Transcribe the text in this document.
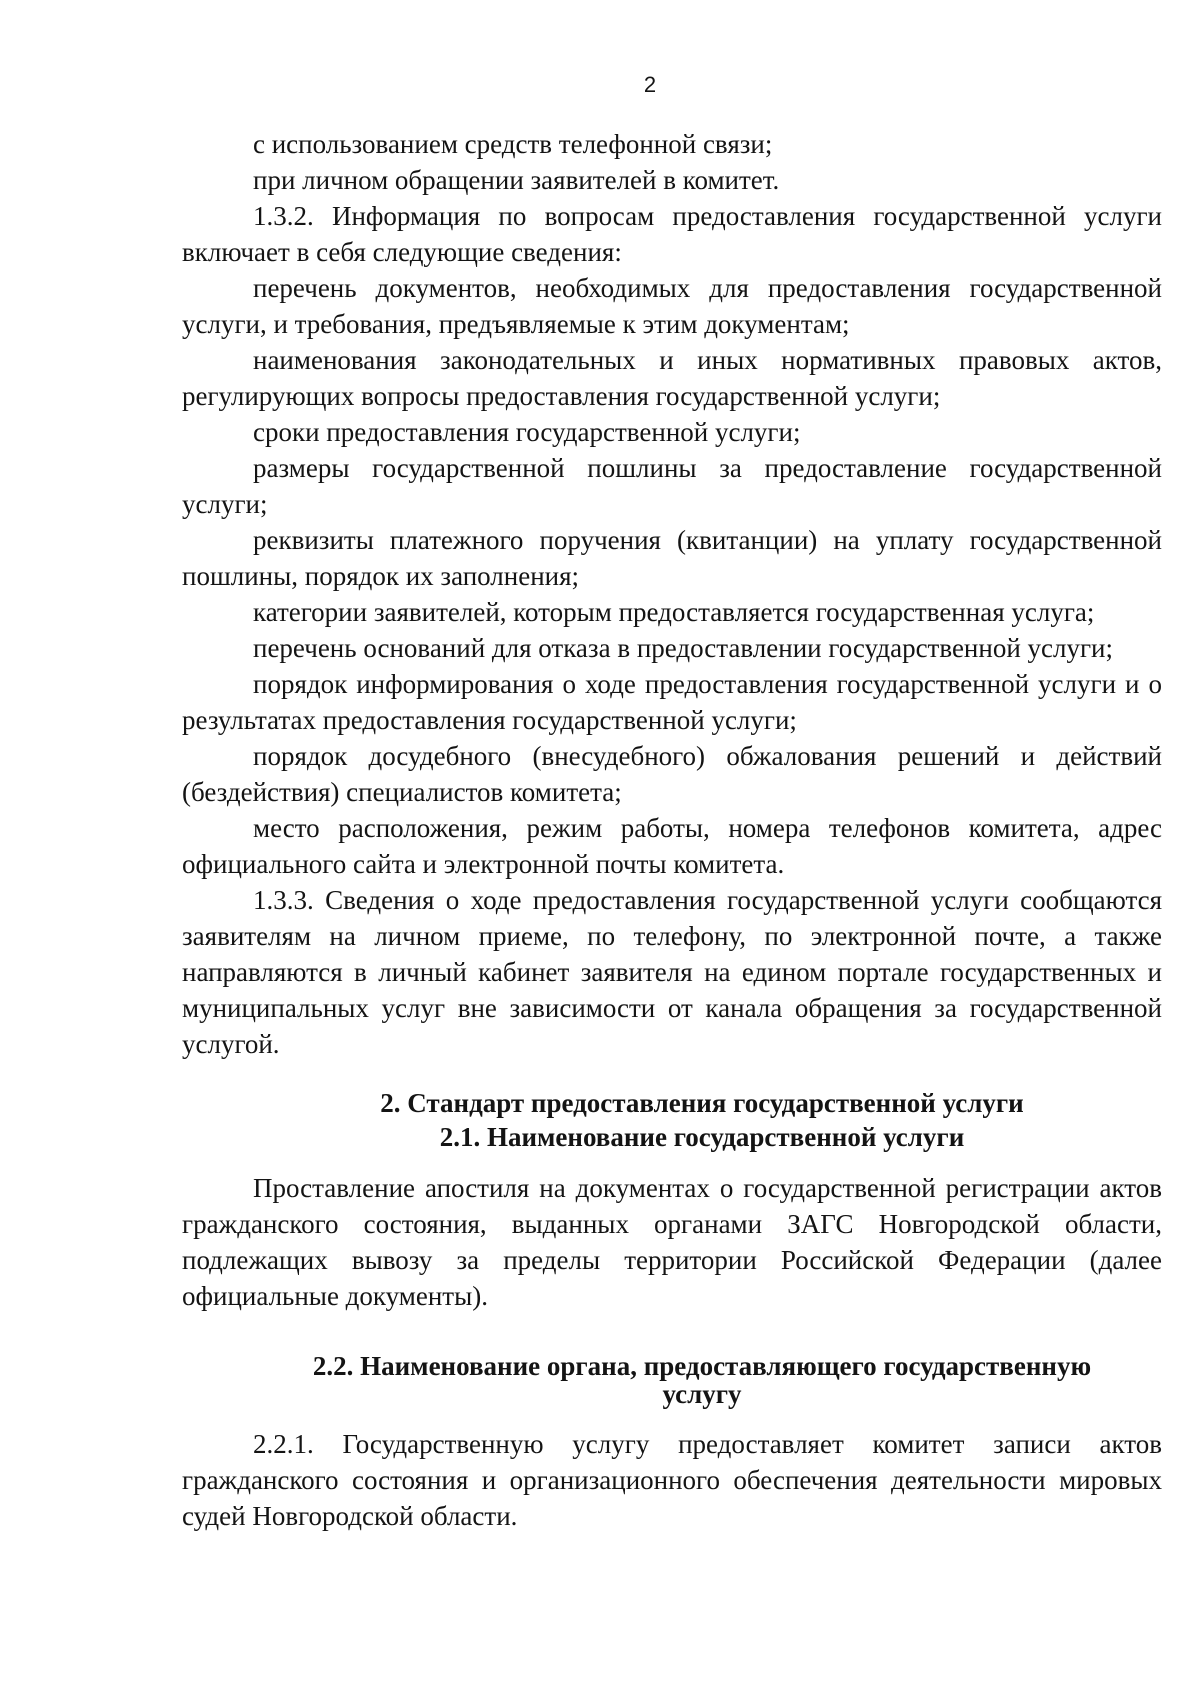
2

с использованием средств телефонной связи;

при личном обращении заявителей в комитет.

1.3.2. Информация по вопросам предоставления государственной услуги включает в себя следующие сведения:

перечень документов, необходимых для предоставления государственной услуги, и требования, предъявляемые к этим документам;

наименования законодательных и иных нормативных правовых актов, регулирующих вопросы предоставления государственной услуги;

сроки предоставления государственной услуги;

размеры государственной пошлины за предоставление государственной услуги;

реквизиты платежного поручения (квитанции) на уплату государственной пошлины, порядок их заполнения;

категории заявителей, которым предоставляется государственная услуга;

перечень оснований для отказа в предоставлении государственной услуги;

порядок информирования о ходе предоставления государственной услуги и о результатах предоставления государственной услуги;

порядок досудебного (внесудебного) обжалования решений и действий (бездействия) специалистов комитета;

место расположения, режим работы, номера телефонов комитета, адрес официального сайта и электронной почты комитета.

1.3.3. Сведения о ходе предоставления государственной услуги сообщаются заявителям на личном приеме, по телефону, по электронной почте, а также направляются в личный кабинет заявителя на едином портале государственных и муниципальных услуг вне зависимости от канала обращения за государственной услугой.

2. Стандарт предоставления государственной услуги
2.1. Наименование государственной услуги

Проставление апостиля на документах о государственной регистрации актов гражданского состояния, выданных органами ЗАГС Новгородской области, подлежащих вывозу за пределы территории Российской Федерации (далее официальные документы).

2.2. Наименование органа, предоставляющего государственную
услугу

2.2.1. Государственную услугу предоставляет комитет записи актов гражданского состояния и организационного обеспечения деятельности мировых судей Новгородской области.
